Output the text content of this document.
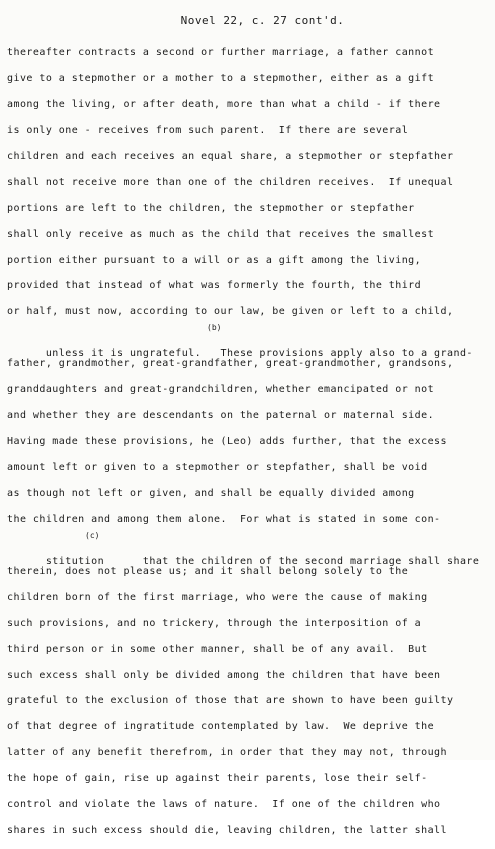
Novel 22, c. 27 cont'd.
thereafter contracts a second or further marriage, a father cannot
give to a stepmother or a mother to a stepmother, either as a gift
among the living, or after death, more than what a child - if there
is only one - receives from such parent.  If there are several
children and each receives an equal share, a stepmother or stepfather
shall not receive more than one of the children receives.  If unequal
portions are left to the children, the stepmother or stepfather
shall only receive as much as the child that receives the smallest
portion either pursuant to a will or as a gift among the living,
provided that instead of what was formerly the fourth, the third
or half, must now, according to our law, be given or left to a child,

unless it is ungrateful.   These provisions apply also to a grand-

(b)

father, grandmother, great-grandfather, great-grandmother, grandsons,
granddaughters and great-grandchildren, whether emancipated or not
and whether they are descendants on the paternal or maternal side.
Having made these provisions, he (Leo) adds further, that the excess
amount left or given to a stepmother or stepfather, shall be void
as though not left or given, and shall be equally divided among
the children and among them alone.  For what is stated in some con-

stitution      that the children of the second marriage shall share

(c)

therein, does not please us; and it shall belong solely to the
children born of the first marriage, who were the cause of making
such provisions, and no trickery, through the interposition of a
third person or in some other manner, shall be of any avail.  But
such excess shall only be divided among the children that have been
grateful to the exclusion of those that are shown to have been guilty
of that degree of ingratitude contemplated by law.  We deprive the
latter of any benefit therefrom, in order that they may not, through
the hope of gain, rise up against their parents, lose their self-
control and violate the laws of nature.  If one of the children who
shares in such excess should die, leaving children, the latter shall
